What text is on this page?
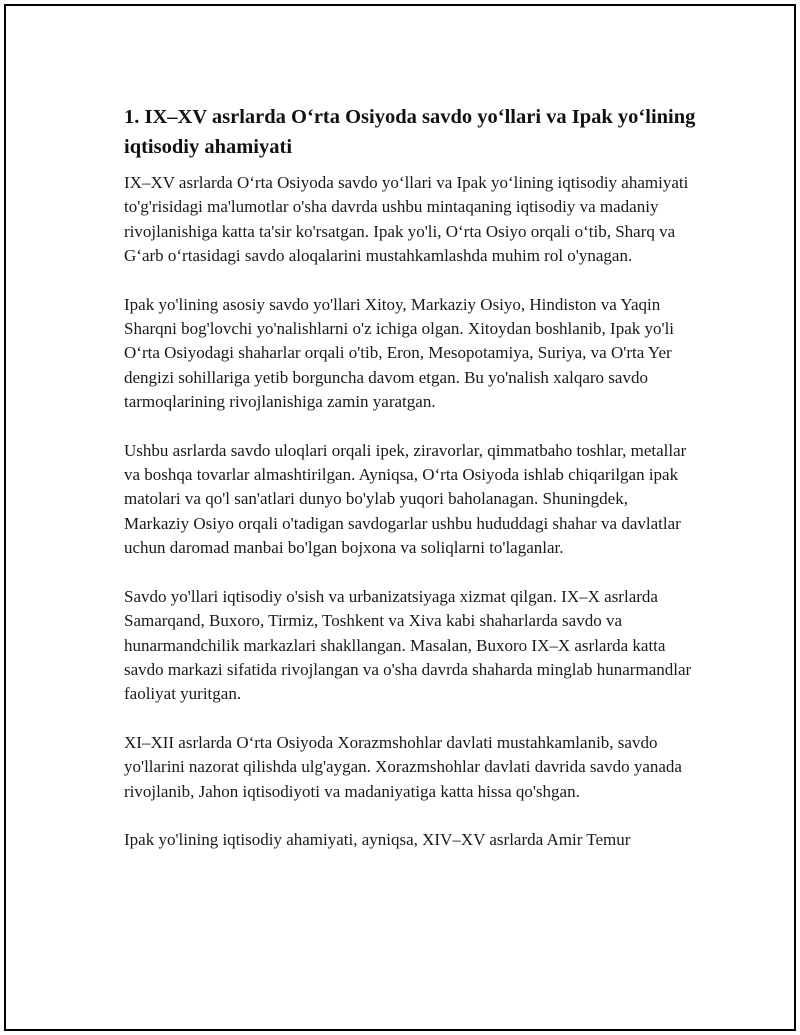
1. IX–XV asrlarda O‘rta Osiyoda savdo yo‘llari va Ipak yo‘lining iqtisodiy ahamiyati

IX–XV asrlarda O‘rta Osiyoda savdo yo‘llari va Ipak yo‘lining iqtisodiy ahamiyati to'g'risidagi ma'lumotlar o'sha davrda ushbu mintaqaning iqtisodiy va madaniy rivojlanishiga katta ta'sir ko'rsatgan. Ipak yo'li, O‘rta Osiyo orqali o‘tib, Sharq va G‘arb o‘rtasidagi savdo aloqalarini mustahkamlashda muhim rol o'ynagan.

Ipak yo'lining asosiy savdo yo'llari Xitoy, Markaziy Osiyo, Hindiston va Yaqin Sharqni bog'lovchi yo'nalishlarni o'z ichiga olgan. Xitoydan boshlanib, Ipak yo'li O‘rta Osiyodagi shaharlar orqali o'tib, Eron, Mesopotamiya, Suriya, va O'rta Yer dengizi sohillariga yetib borguncha davom etgan. Bu yo'nalish xalqaro savdo tarmoqlarining rivojlanishiga zamin yaratgan.

Ushbu asrlarda savdo uloqlari orqali ipek, ziravorlar, qimmatbaho toshlar, metallar va boshqa tovarlar almashtirilgan. Ayniqsa, O‘rta Osiyoda ishlab chiqarilgan ipak matolari va qo'l san'atlari dunyo bo'ylab yuqori baholanagan. Shuningdek, Markaziy Osiyo orqali o'tadigan savdogarlar ushbu hududdagi shahar va davlatlar uchun daromad manbai bo'lgan bojxona va soliqlarni to'laganlar.

Savdo yo'llari iqtisodiy o'sish va urbanizatsiyaga xizmat qilgan. IX–X asrlarda Samarqand, Buxoro, Tirmiz, Toshkent va Xiva kabi shaharlarda savdo va hunarmandchilik markazlari shakllangan. Masalan, Buxoro IX–X asrlarda katta savdo markazi sifatida rivojlangan va o'sha davrda shaharda minglab hunarmandlar faoliyat yuritgan.

XI–XII asrlarda O‘rta Osiyoda Xorazmshohlar davlati mustahkamlanib, savdo yo'llarini nazorat qilishda ulg'aygan. Xorazmshohlar davlati davrida savdo yanada rivojlanib, Jahon iqtisodiyoti va madaniyatiga katta hissa qo'shgan.

Ipak yo'lining iqtisodiy ahamiyati, ayniqsa, XIV–XV asrlarda Amir Temur
